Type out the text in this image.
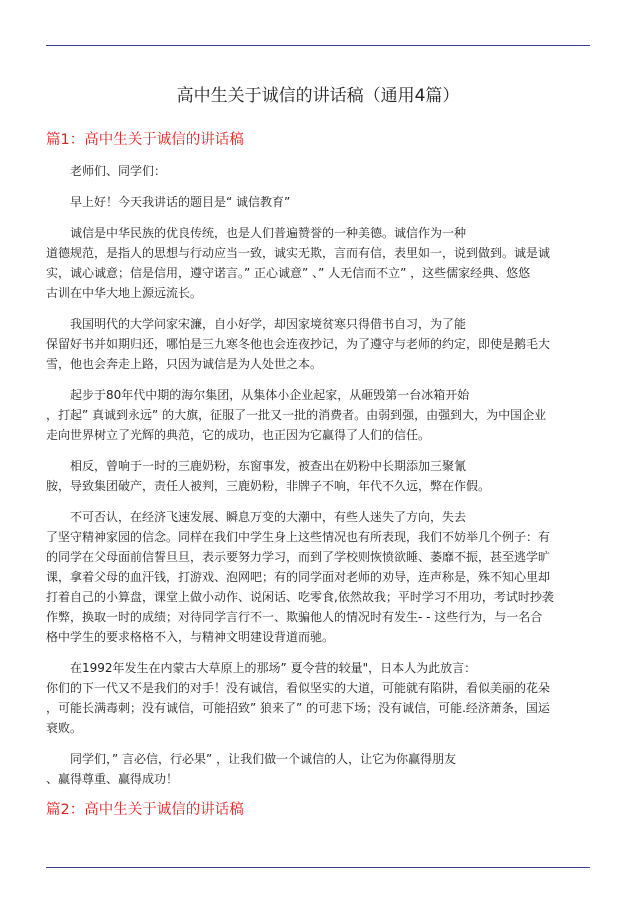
高中生关于诚信的讲话稿（通用4篇）
篇1：高中生关于诚信的讲话稿

老师们、同学们：

早上好！今天我讲话的题目是“ 诚信教育”

诚信是中华民族的优良传统，也是人们普遍赞誉的一种美德。诚信作为一种
道德规范，是指人的思想与行动应当一致，诚实无欺，言而有信，表里如一，说到做到。诚是诚
实，诚心诚意；信是信用，遵守诺言。” 正心诚意” 、” 人无信而不立” ，这些儒家经典、悠悠
古训在中华大地上源远流长。

我国明代的大学问家宋濂，自小好学，却因家境贫寒只得借书自习，为了能
保留好书并如期归还，哪怕是三九寒冬他也会连夜抄记，为了遵守与老师的约定，即使是鹅毛大
雪，他也会奔走上路，只因为诚信是为人处世之本。

起步于80年代中期的海尔集团，从集体小企业起家，从砸毁第一台冰箱开始
，打起” 真诚到永远” 的大旗，征服了一批又一批的消费者。由弱到强，由强到大，为中国企业
走向世界树立了光辉的典范，它的成功，也正因为它赢得了人们的信任。

相反，曾响于一时的三鹿奶粉，东窗事发，被查出在奶粉中长期添加三聚氰
胺，导致集团破产，责任人被判，三鹿奶粉，非牌子不响，年代不久远，弊在作假。

不可否认，在经济飞速发展、瞬息万变的大潮中，有些人迷失了方向，失去
了坚守精神家园的信念。同样在我们中学生身上这些情况也有所表现，我们不妨举几个例子：有
的同学在父母面前信誓旦旦，表示要努力学习，而到了学校则恢愤欲睡、萎靡不振，甚至逃学旷
课，拿着父母的血汗钱，打游戏、泡网吧；有的同学面对老师的劝导，连声称是，殊不知心里却
打着自己的小算盘，课堂上做小动作、说闲话、吃零食,依然故我；平时学习不用功，考试时抄袭
作弊，换取一时的成绩；对待同学言行不一、欺骗他人的情况时有发生- - 这些行为，与一名合
格中学生的要求格格不入，与精神文明建设背道而驰。

在1992年发生在内蒙古大草原上的那场” 夏令营的较量"，日本人为此放言：
你们的下一代又不是我们的对手！没有诚信，看似坚实的大道，可能就有陷阱，看似美丽的花朵
，可能长满毒刺；没有诚信，可能招致” 狼来了” 的可悲下场；没有诚信，可能.经济萧条，国运
衰败。

同学们，” 言必信，行必果” ，让我们做一个诚信的人，让它为你赢得朋友
、赢得尊重、赢得成功！

篇2：高中生关于诚信的讲话稿
